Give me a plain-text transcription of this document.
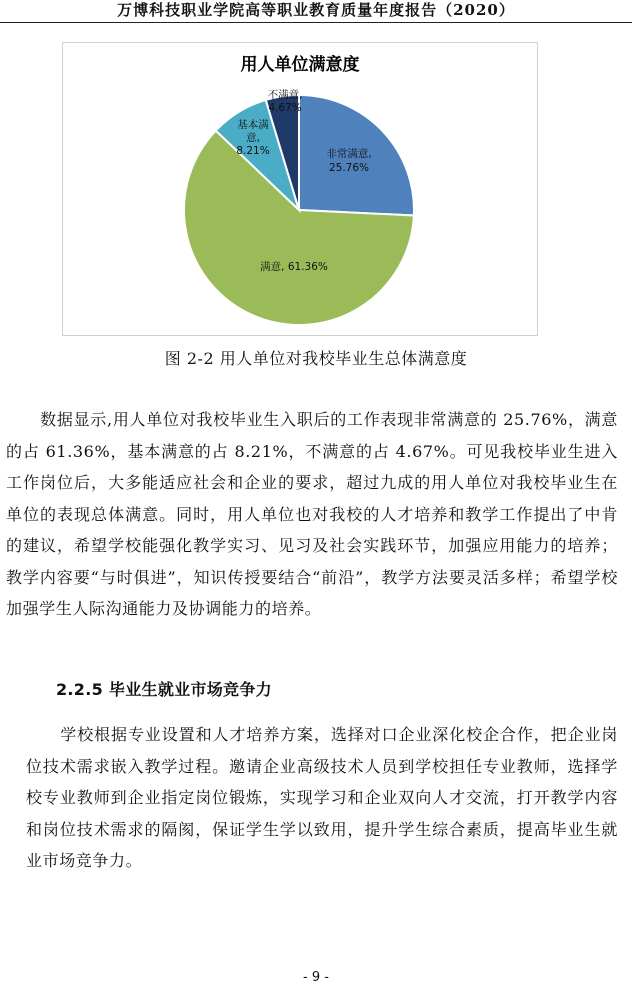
万博科技职业学院高等职业教育质量年度报告（2020）
用人单位满意度
非常满意,
25.76%
满意, 61.36%
基本满
意,
8.21%
不满意,
4.67%
图 2-2 用人单位对我校毕业生总体满意度
数据显示,用人单位对我校毕业生入职后的工作表现非常满意的 25.76%，满意的占 61.36%，基本满意的占 8.21%，不满意的占 4.67%。可见我校毕业生进入工作岗位后，大多能适应社会和企业的要求，超过九成的用人单位对我校毕业生在单位的表现总体满意。同时，用人单位也对我校的人才培养和教学工作提出了中肯的建议，希望学校能强化教学实习、见习及社会实践环节，加强应用能力的培养；教学内容要“与时俱进”，知识传授要结合“前沿”，教学方法要灵活多样；希望学校加强学生人际沟通能力及协调能力的培养。
2.2.5 毕业生就业市场竞争力
学校根据专业设置和人才培养方案，选择对口企业深化校企合作，把企业岗位技术需求嵌入教学过程。邀请企业高级技术人员到学校担任专业教师，选择学校专业教师到企业指定岗位锻炼，实现学习和企业双向人才交流，打开教学内容和岗位技术需求的隔阂，保证学生学以致用，提升学生综合素质，提高毕业生就业市场竞争力。
- 9 -
